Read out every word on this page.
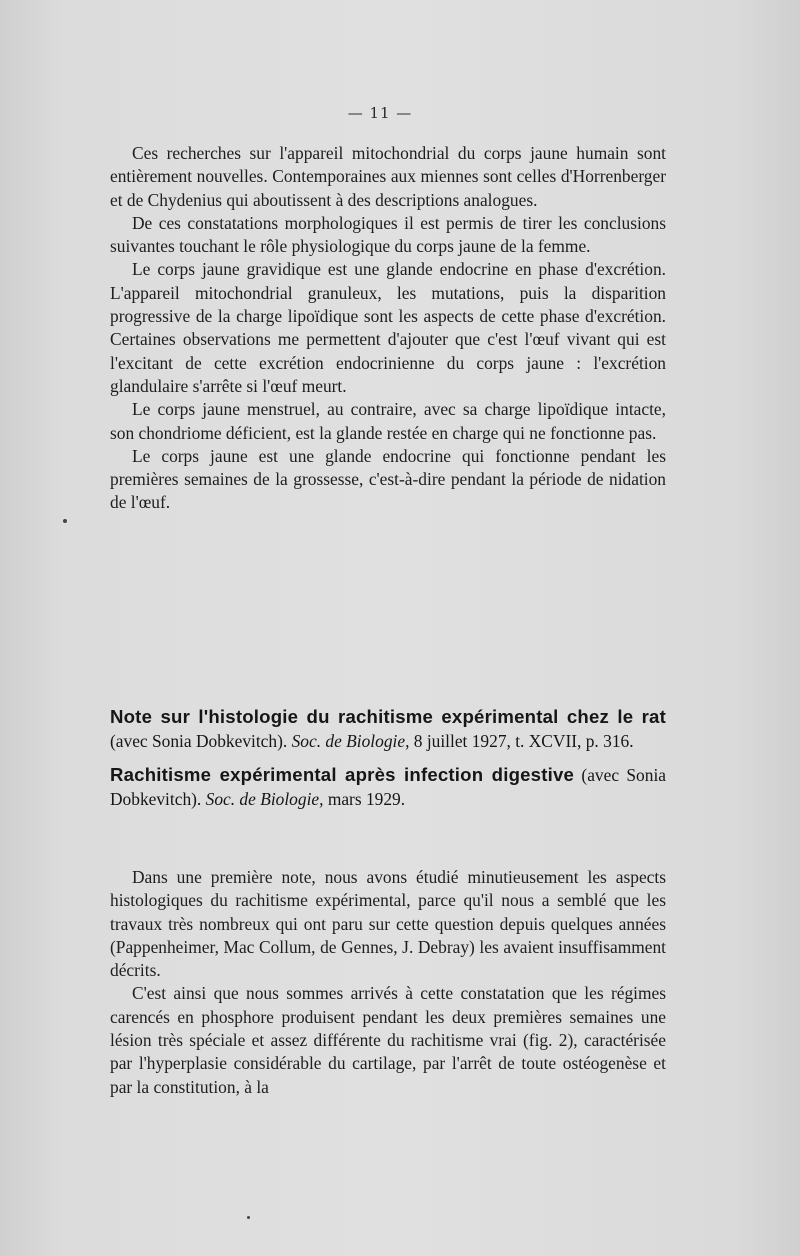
— 11 —

Ces recherches sur l'appareil mitochondrial du corps jaune humain sont entièrement nouvelles. Contemporaines aux miennes sont celles d'Horrenberger et de Chydenius qui aboutissent à des descriptions analogues.

De ces constatations morphologiques il est permis de tirer les conclusions suivantes touchant le rôle physiologique du corps jaune de la femme.

Le corps jaune gravidique est une glande endocrine en phase d'excrétion. L'appareil mitochondrial granuleux, les mutations, puis la disparition progressive de la charge lipoïdique sont les aspects de cette phase d'excrétion. Certaines observations me permettent d'ajouter que c'est l'œuf vivant qui est l'excitant de cette excrétion endocrinienne du corps jaune : l'excrétion glandulaire s'arrête si l'œuf meurt.

Le corps jaune menstruel, au contraire, avec sa charge lipoïdique intacte, son chondriome déficient, est la glande restée en charge qui ne fonctionne pas.

Le corps jaune est une glande endocrine qui fonctionne pendant les premières semaines de la grossesse, c'est-à-dire pendant la période de nidation de l'œuf.

Note sur l'histologie du rachitisme expérimental chez le rat (avec Sonia Dobkevitch). Soc. de Biologie, 8 juillet 1927, t. XCVII, p. 316.

Rachitisme expérimental après infection digestive (avec Sonia Dobkevitch). Soc. de Biologie, mars 1929.

Dans une première note, nous avons étudié minutieusement les aspects histologiques du rachitisme expérimental, parce qu'il nous a semblé que les travaux très nombreux qui ont paru sur cette question depuis quelques années (Pappenheimer, Mac Collum, de Gennes, J. Debray) les avaient insuffisamment décrits.

C'est ainsi que nous sommes arrivés à cette constatation que les régimes carencés en phosphore produisent pendant les deux premières semaines une lésion très spéciale et assez différente du rachitisme vrai (fig. 2), caractérisée par l'hyperplasie considérable du cartilage, par l'arrêt de toute ostéogenèse et par la constitution, à la
